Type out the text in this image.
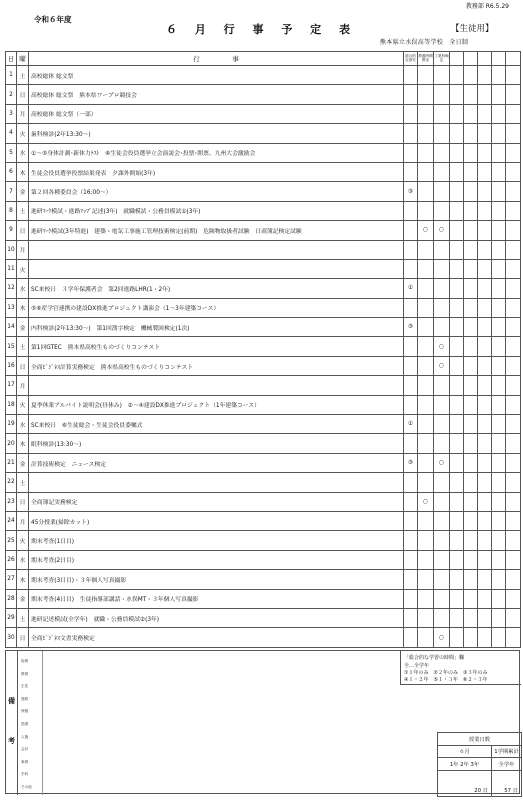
教務部 R6.5.29
令和６年度
６ 月 行 事 予 定 表	【生徒用】
熊本県立水俣高等学校　全日制
日	曜	行　　　　　事	総合的な探究	教養時間教室	工業科検定					
1	土	高校総体 総文祭								
2	日	高校総体 総文祭　熊本県ワープロ競技会								
3	月	高校総体 総文祭（一部）								
4	火	歯科検診(2年13:30～)								
5	水	①～⑤身体計測･新体力ﾃｽﾄ　⑥生徒会役員選挙立会演説会･投票･開票、九州大会激励会								
6	木	生徒会役員選挙投票結果発表　夕課外開始(3年)								
7	金	第２回各種委員会（16:00～）	③							
8	土	進研ﾏｰｸ模試・進路ﾏｯﾌﾟ記述(3年)　就職模試・公務員模試①(3年)								
9	日	進研ﾏｰｸ模試(3年特進)　建築・電気工事施工管理技術検定(前期)　危険物取扱者試験　日商簿記検定試験		○	○					
10	月									
11	火									
12	水	SC来校日　３学年保護者会　第2回進路LHR(1・2年)	①							
13	木	⑤⑥産学官連携の建設DX推進プロジェクト講演会（1～3年建築コース）								
14	金	内科検診(2年13:30～)　第1回漢字検定　機械製図検定(1次)	③							
15	土	第1回GTEC　熊本県高校生ものづくりコンテスト			○					
16	日	全商ﾋﾞｼﾞﾈｽ計算実務検定　熊本県高校生ものづくりコンテスト			○					
17	月									
18	火	夏季休業アルバイト説明会(昼休み)　②～④建設DX推進プロジェクト（1年建築コース）								
19	水	SC来校日　⑥生徒総会・生徒会役員委嘱式	①							
20	木	眼科検診(13:30～)								
21	金	計算技術検定　ニュース検定	③		○					
22	土									
23	日	全商簿記実務検定		○						
24	月	45分授業(掃除カット)								
25	火	期末考査(1日目)								
26	水	期末考査(2日目)								
27	木	期末考査(3日目)・３年個人写真撮影								
28	金	期末考査(4日目)　生徒指導部講話・水俣MT・３年個人写真撮影								
29	土	進研記述模試(全学年)　就職・公務員模試②(3年)								
30	日	全商ﾋﾞｼﾞﾈｽ文書実務検定			○					
備
考
総務
教務
生徒
進路
保健
図書
人権
会計
事務
学科
その他
「総合的な学習の時間」欄
全…全学年
①１年のみ　②２年のみ　③３年のみ
④１・２年　⑤１・３年　⑥２・３年
授業日数	
６月	1学期累計
1年 2年 3年	全学年
20 日	57 日
